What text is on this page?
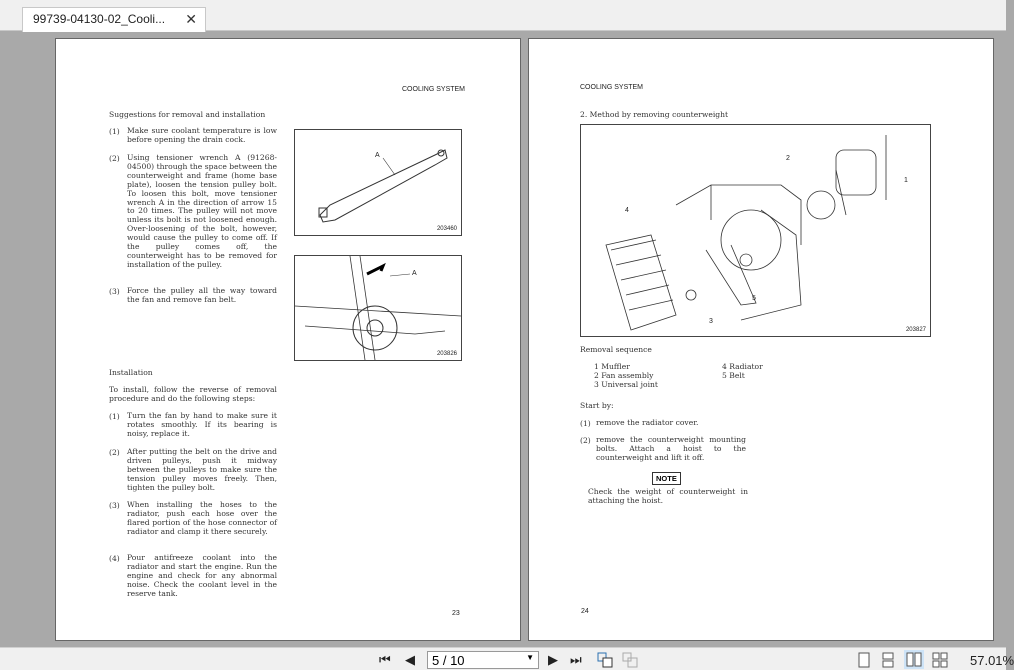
99739-04130-02_Cooli... ✕
COOLING SYSTEM
Suggestions for removal and installation
(1) Make sure coolant temperature is low before opening the drain cock.
(2) Using tensioner wrench A (91268-04500) through the space between the counterweight and frame (home base plate), loosen the tension pulley bolt. To loosen this bolt, move tensioner wrench A in the direction of arrow 15 to 20 times. The pulley will not move unless its bolt is not loosened enough. Over-loosening of the bolt, however, would cause the pulley to come off. If the pulley comes off, the counterweight has to be removed for installation of the pulley.
(3) Force the pulley all the way toward the fan and remove fan belt.
A
203460
A
203826
Installation
To install, follow the reverse of removal procedure and do the following steps:
(1) Turn the fan by hand to make sure it rotates smoothly. If its bearing is noisy, replace it.
(2) After putting the belt on the drive and driven pulleys, push it midway between the pulleys to make sure the tension pulley moves freely. Then, tighten the pulley bolt.
(3) When installing the hoses to the radiator, push each hose over the flared portion of the hose connector of radiator and clamp it there securely.
(4) Pour antifreeze coolant into the radiator and start the engine. Run the engine and check for any abnormal noise. Check the coolant level in the reserve tank.
23
COOLING SYSTEM
2. Method by removing counterweight
1
2
3
4
5
203827
Removal sequence
1 Muffler
2 Fan assembly
3 Universal joint
4 Radiator
5 Belt
Start by:
(1) remove the radiator cover.
(2) remove the counterweight mounting bolts. Attach a hoist to the counterweight and lift it off.
NOTE
Check the weight of counterweight in attaching the hoist.
24
⏮ ◀	5 / 10	▼ ▶ ⏭	57.01%
